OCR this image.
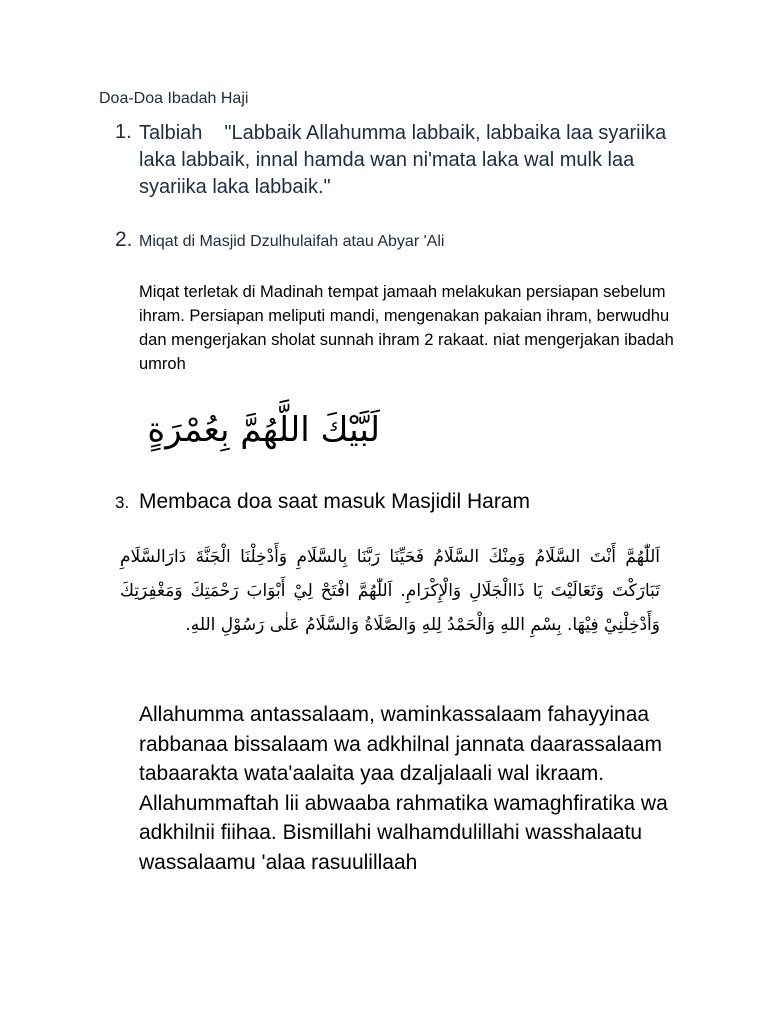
Doa-Doa Ibadah Haji
1. Talbiah "Labbaik Allahumma labbaik, labbaika laa syariika laka labbaik, innal hamda wan ni'mata laka wal mulk laa syariika laka labbaik."
2. Miqat di Masjid Dzulhulaifah atau Abyar 'Ali
Miqat terletak di Madinah tempat jamaah melakukan persiapan sebelum ihram. Persiapan meliputi mandi, mengenakan pakaian ihram, berwudhu dan mengerjakan sholat sunnah ihram 2 rakaat. niat mengerjakan ibadah umroh
لَبَّيْكَ اللَّهُمَّ بِعُمْرَةٍ
3. Membaca doa saat masuk Masjidil Haram
اَللّٰهُمَّ أَنْتَ السَّلَامُ وَمِنْكَ السَّلَامُ فَحَيِّنَا رَبَّنَا بِالسَّلَامِ وَأَدْخِلْنَا الْجَنَّةَ دَارَالسَّلَامِ تَبَارَكْتَ وَتَعَالَيْتَ يَا ذَاالْجَلَالِ وَالْإِكْرَامِ. اَللّٰهُمَّ افْتَحْ لِيْ أَبْوَابَ رَحْمَتِكَ وَمَغْفِرَتِكَ وَأَدْخِلْنِيْ فِيْهَا. بِسْمِ اللهِ وَالْحَمْدُ لِلهِ وَالصَّلَاةُ وَالسَّلَامُ عَلٰى رَسُوْلِ اللهِ.
Allahumma antassalaam, waminkassalaam fahayyinaa rabbanaa bissalaam wa adkhilnal jannata daarassalaam tabaarakta wata'aalaita yaa dzaljalaali wal ikraam. Allahummaftah lii abwaaba rahmatika wamaghfiratika wa adkhilnii fiihaa. Bismillahi walhamdulillahi wasshalaatu wassalaamu 'alaa rasuulillaah
